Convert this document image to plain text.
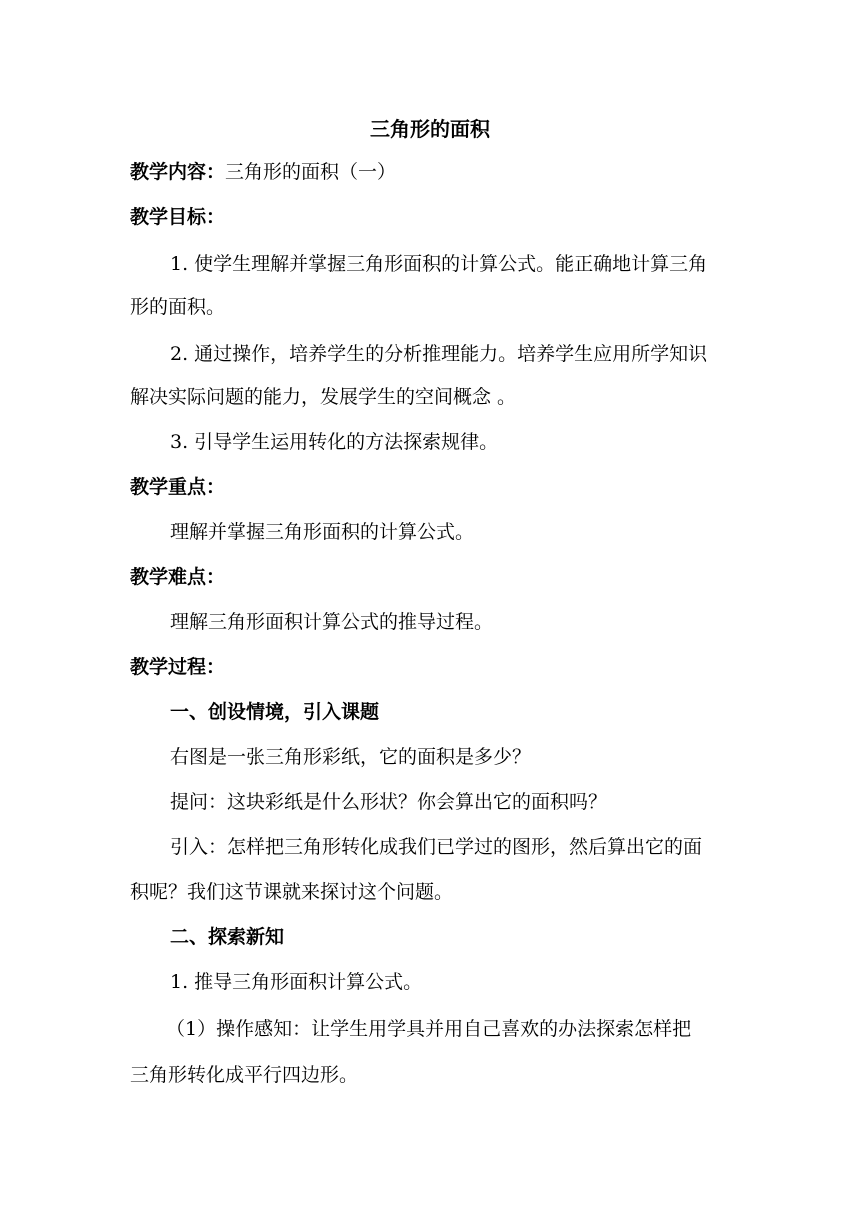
三角形的面积
教学内容：三角形的面积（一）
教学目标：
1. 使学生理解并掌握三角形面积的计算公式。能正确地计算三角
形的面积。
2. 通过操作，培养学生的分析推理能力。培养学生应用所学知识
解决实际问题的能力，发展学生的空间概念 。
3. 引导学生运用转化的方法探索规律。
教学重点：
理解并掌握三角形面积的计算公式。
教学难点：
理解三角形面积计算公式的推导过程。
教学过程：
一、创设情境，引入课题
右图是一张三角形彩纸，它的面积是多少？
提问：这块彩纸是什么形状？你会算出它的面积吗？
引入：怎样把三角形转化成我们已学过的图形，然后算出它的面
积呢？我们这节课就来探讨这个问题。
二、探索新知
1. 推导三角形面积计算公式。
（1）操作感知：让学生用学具并用自己喜欢的办法探索怎样把
三角形转化成平行四边形。
